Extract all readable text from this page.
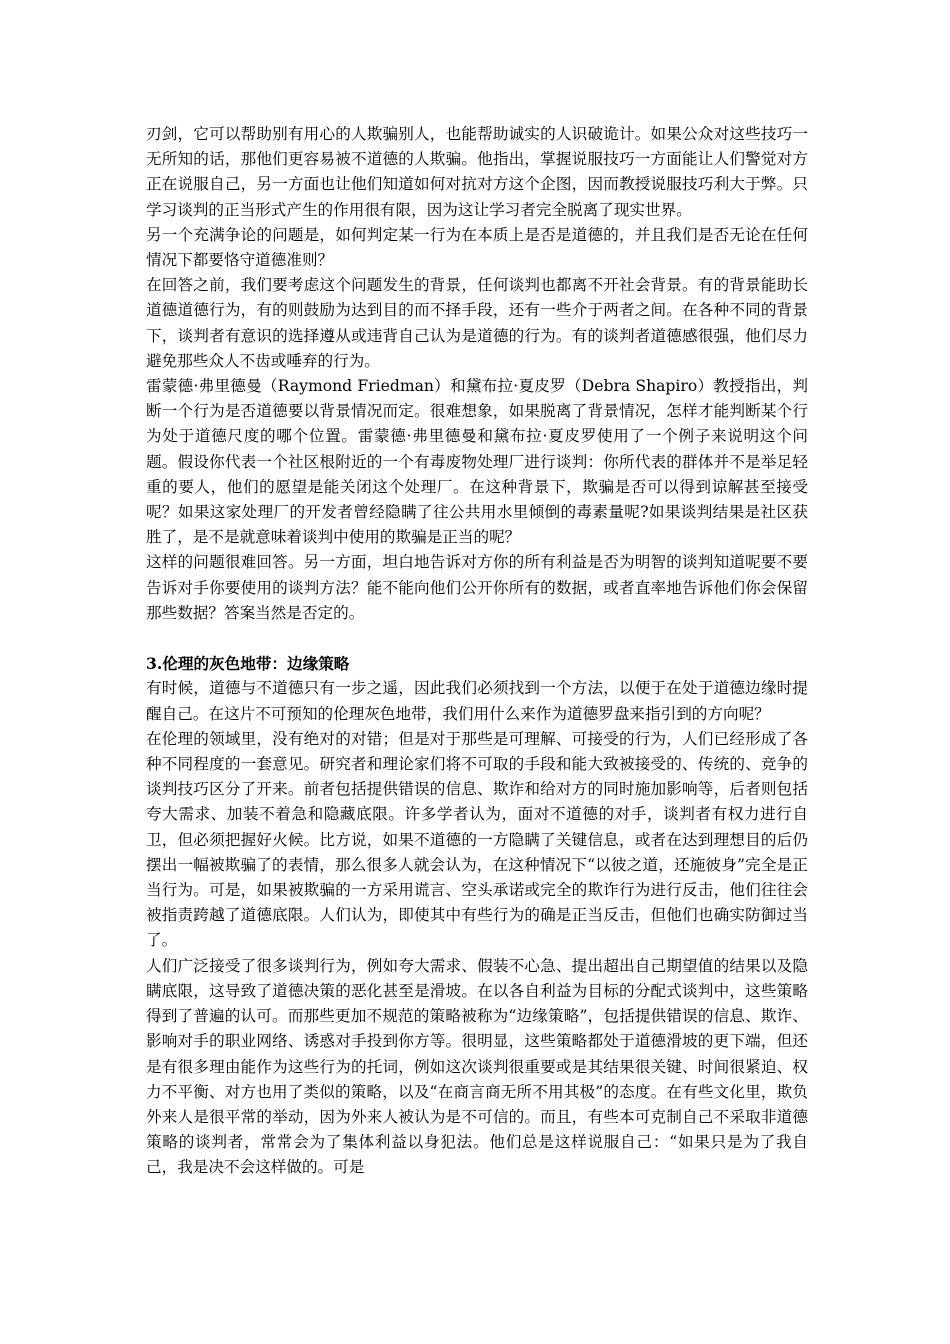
刃剑，它可以帮助别有用心的人欺骗别人，也能帮助诚实的人识破诡计。如果公众对这些技巧一无所知的话，那他们更容易被不道德的人欺骗。他指出，掌握说服技巧一方面能让人们警觉对方正在说服自己，另一方面也让他们知道如何对抗对方这个企图，因而教授说服技巧利大于弊。只学习谈判的正当形式产生的作用很有限，因为这让学习者完全脱离了现实世界。

另一个充满争论的问题是，如何判定某一行为在本质上是否是道德的，并且我们是否无论在任何情况下都要恪守道德准则？

在回答之前，我们要考虑这个问题发生的背景，任何谈判也都离不开社会背景。有的背景能助长道德道德行为，有的则鼓励为达到目的而不择手段，还有一些介于两者之间。在各种不同的背景下，谈判者有意识的选择遵从或违背自己认为是道德的行为。有的谈判者道德感很强，他们尽力避免那些众人不齿或唾弃的行为。

雷蒙德·弗里德曼（Raymond Friedman）和黛布拉·夏皮罗（Debra Shapiro）教授指出，判断一个行为是否道德要以背景情况而定。很难想象，如果脱离了背景情况，怎样才能判断某个行为处于道德尺度的哪个位置。雷蒙德·弗里德曼和黛布拉·夏皮罗使用了一个例子来说明这个问题。假设你代表一个社区根附近的一个有毒废物处理厂进行谈判：你所代表的群体并不是举足轻重的要人，他们的愿望是能关闭这个处理厂。在这种背景下，欺骗是否可以得到谅解甚至接受呢？如果这家处理厂的开发者曾经隐瞒了往公共用水里倾倒的毒素量呢?如果谈判结果是社区获胜了，是不是就意味着谈判中使用的欺骗是正当的呢？

这样的问题很难回答。另一方面，坦白地告诉对方你的所有利益是否为明智的谈判知道呢要不要告诉对手你要使用的谈判方法？能不能向他们公开你所有的数据，或者直率地告诉他们你会保留那些数据？答案当然是否定的。

3.伦理的灰色地带：边缘策略

有时候，道德与不道德只有一步之遥，因此我们必须找到一个方法，以便于在处于道德边缘时提醒自己。在这片不可预知的伦理灰色地带，我们用什么来作为道德罗盘来指引到的方向呢？

在伦理的领域里，没有绝对的对错；但是对于那些是可理解、可接受的行为，人们已经形成了各种不同程度的一套意见。研究者和理论家们将不可取的手段和能大致被接受的、传统的、竞争的谈判技巧区分了开来。前者包括提供错误的信息、欺诈和给对方的同时施加影响等，后者则包括夸大需求、加装不着急和隐藏底限。许多学者认为，面对不道德的对手，谈判者有权力进行自卫，但必须把握好火候。比方说，如果不道德的一方隐瞒了关键信息，或者在达到理想目的后仍摆出一幅被欺骗了的表情，那么很多人就会认为，在这种情况下“以彼之道，还施彼身”完全是正当行为。可是，如果被欺骗的一方采用谎言、空头承诺或完全的欺诈行为进行反击，他们往往会被指责跨越了道德底限。人们认为，即使其中有些行为的确是正当反击，但他们也确实防御过当了。

人们广泛接受了很多谈判行为，例如夸大需求、假装不心急、提出超出自己期望值的结果以及隐瞒底限，这导致了道德决策的恶化甚至是滑坡。在以各自利益为目标的分配式谈判中，这些策略得到了普遍的认可。而那些更加不规范的策略被称为“边缘策略”，包括提供错误的信息、欺诈、影响对手的职业网络、诱惑对手投到你方等。很明显，这些策略都处于道德滑坡的更下端，但还是有很多理由能作为这些行为的托词，例如这次谈判很重要或是其结果很关键、时间很紧迫、权力不平衡、对方也用了类似的策略，以及“在商言商无所不用其极”的态度。在有些文化里，欺负外来人是很平常的举动，因为外来人被认为是不可信的。而且，有些本可克制自己不采取非道德策略的谈判者，常常会为了集体利益以身犯法。他们总是这样说服自己：“如果只是为了我自己，我是决不会这样做的。可是
